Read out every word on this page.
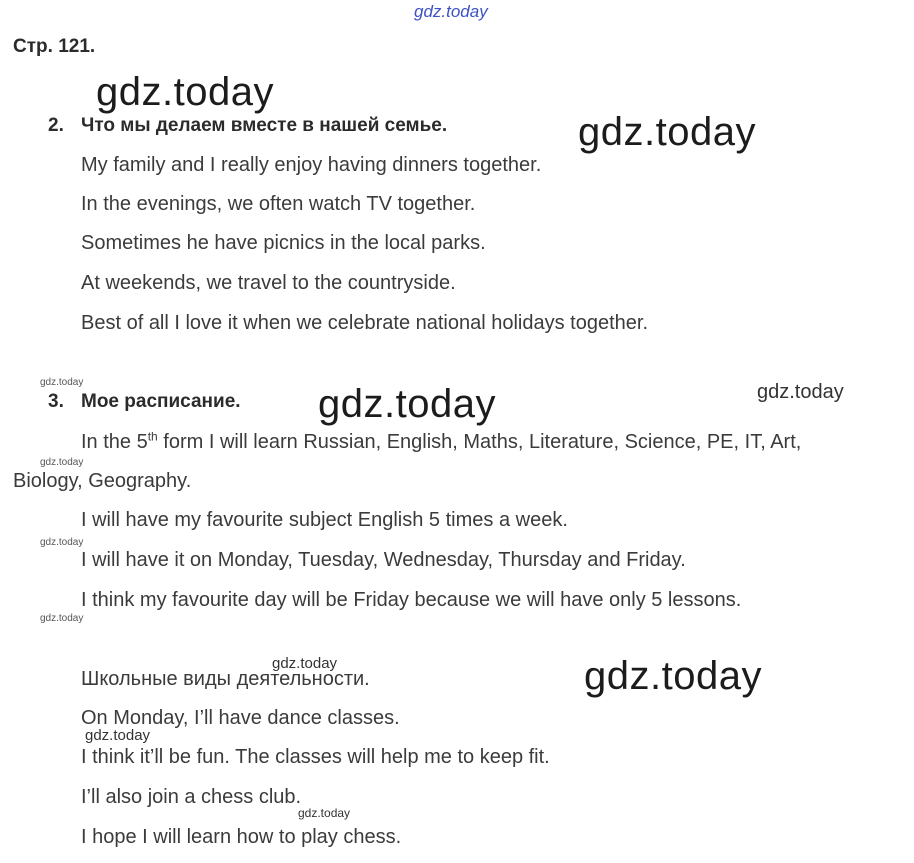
gdz.today
gdz.today
gdz.today
gdz.today
gdz.today
gdz.today
gdz.today
gdz.today
gdz.today
gdz.today
gdz.today
gdz.today
gdz.today
Стр. 121.
2. Что мы делаем вместе в нашей семье.
My family and I really enjoy having dinners together.
In the evenings, we often watch TV together.
Sometimes he have picnics in the local parks.
At weekends, we travel to the countryside.
Best of all I love it when we celebrate national holidays together.
3. Мое расписание.
In the 5th form I will learn Russian, English, Maths, Literature, Science, PE, IT, Art,
Biology, Geography.
I will have my favourite subject English 5 times a week.
I will have it on Monday, Tuesday, Wednesday, Thursday and Friday.
I think my favourite day will be Friday because we will have only 5 lessons.
Школьные виды деятельности.
On Monday, I’ll have dance classes.
I think it’ll be fun. The classes will help me to keep fit.
I’ll also join a chess club.
I hope I will learn how to play chess.
